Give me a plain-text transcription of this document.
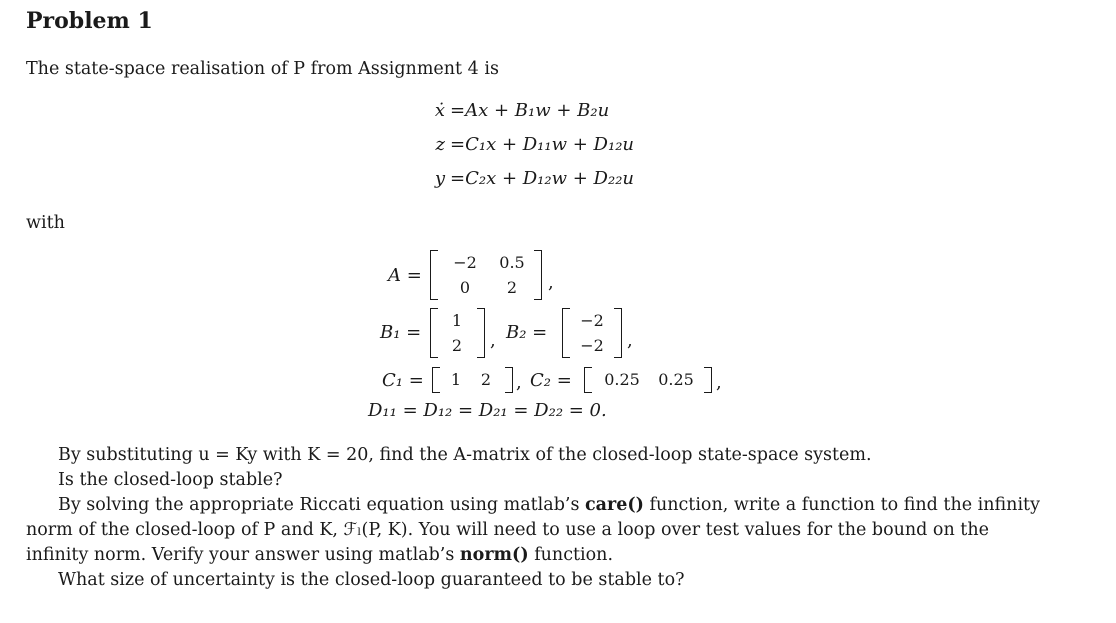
Problem 1
The state-space realisation of P from Assignment 4 is
ẋ =Ax + B₁w + B₂u
z =C₁x + D₁₁w + D₁₂u
y =C₂x + D₁₂w + D₂₂u
with
A =
−2	0.5
0	2	,
B₁ =
1
2	, B₂ =
−2
−2	,
C₁ =	1	2	, C₂ = 0.25 0.25 ,
D₁₁ = D₁₂ = D₂₁ = D₂₂ = 0.
By substituting u = Ky with K = 20, find the A-matrix of the closed-loop state-space system.
Is the closed-loop stable?
By solving the appropriate Riccati equation using matlab’s care() function, write a function to find the infinity
norm of the closed-loop of P and K, ℱₗ(P, K). You will need to use a loop over test values for the bound on the
infinity norm. Verify your answer using matlab’s norm() function.
What size of uncertainty is the closed-loop guaranteed to be stable to?
